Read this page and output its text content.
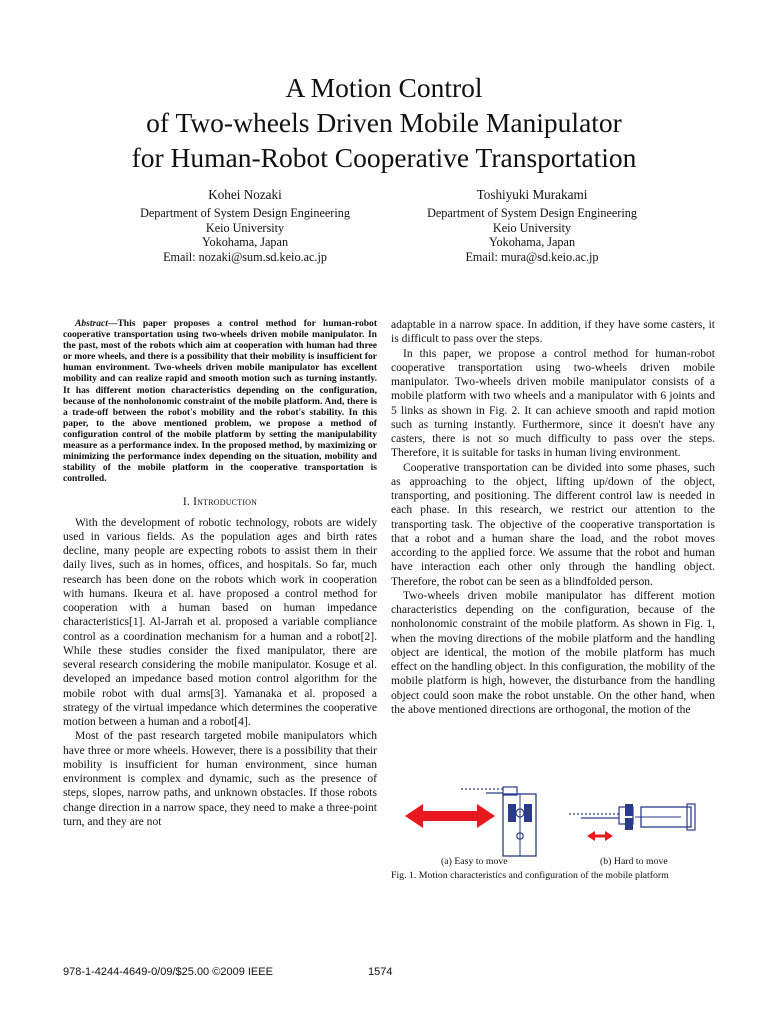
A Motion Control
of Two-wheels Driven Mobile Manipulator
for Human-Robot Cooperative Transportation
Kohei Nozaki
Department of System Design Engineering
Keio University
Yokohama, Japan
Email: nozaki@sum.sd.keio.ac.jp
Toshiyuki Murakami
Department of System Design Engineering
Keio University
Yokohama, Japan
Email: mura@sd.keio.ac.jp

Abstract—This paper proposes a control method for human-robot cooperative transportation using two-wheels driven mobile manipulator. In the past, most of the robots which aim at cooperation with human had three or more wheels, and there is a possibility that their mobility is insufficient for human environment. Two-wheels driven mobile manipulator has excellent mobility and can realize rapid and smooth motion such as turning instantly. It has different motion characteristics depending on the configuration, because of the nonholonomic constraint of the mobile platform. And, there is a trade-off between the robot's mobility and the robot's stability. In this paper, to the above mentioned problem, we propose a method of configuration control of the mobile platform by setting the manipulability measure as a performance index. In the proposed method, by maximizing or minimizing the performance index depending on the situation, mobility and stability of the mobile platform in the cooperative transportation is controlled.

I. Introduction

With the development of robotic technology, robots are widely used in various fields. As the population ages and birth rates decline, many people are expecting robots to assist them in their daily lives, such as in homes, offices, and hospitals. So far, much research has been done on the robots which work in cooperation with humans. Ikeura et al. have proposed a control method for cooperation with a human based on human impedance characteristics[1]. Al-Jarrah et al. proposed a variable compliance control as a coordination mechanism for a human and a robot[2]. While these studies consider the fixed manipulator, there are several research considering the mobile manipulator. Kosuge et al. developed an impedance based motion control algorithm for the mobile robot with dual arms[3]. Yamanaka et al. proposed a strategy of the virtual impedance which determines the cooperative motion between a human and a robot[4].

Most of the past research targeted mobile manipulators which have three or more wheels. However, there is a possibility that their mobility is insufficient for human environment, since human environment is complex and dynamic, such as the presence of steps, slopes, narrow paths, and unknown obstacles. If those robots change direction in a narrow space, they need to make a three-point turn, and they are not

adaptable in a narrow space. In addition, if they have some casters, it is difficult to pass over the steps.

In this paper, we propose a control method for human-robot cooperative transportation using two-wheels driven mobile manipulator. Two-wheels driven mobile manipulator consists of a mobile platform with two wheels and a manipulator with 6 joints and 5 links as shown in Fig. 2. It can achieve smooth and rapid motion such as turning instantly. Furthermore, since it doesn't have any casters, there is not so much difficulty to pass over the steps. Therefore, it is suitable for tasks in human living environment.

Cooperative transportation can be divided into some phases, such as approaching to the object, lifting up/down of the object, transporting, and positioning. The different control law is needed in each phase. In this research, we restrict our attention to the transporting task. The objective of the cooperative transportation is that a robot and a human share the load, and the robot moves according to the applied force. We assume that the robot and human have interaction each other only through the handling object. Therefore, the robot can be seen as a blindfolded person.

Two-wheels driven mobile manipulator has different motion characteristics depending on the configuration, because of the nonholonomic constraint of the mobile platform. As shown in Fig. 1, when the moving directions of the mobile platform and the handling object are identical, the motion of the mobile platform has much effect on the handling object. In this configuration, the mobility of the mobile platform is high, however, the disturbance from the handling object could soon make the robot unstable. On the other hand, when the above mentioned directions are orthogonal, the motion of the

(a) Easy to move	(b) Hard to move
Fig. 1. Motion characteristics and configuration of the mobile platform
978-1-4244-4649-0/09/$25.00 ©2009 IEEE	1574
